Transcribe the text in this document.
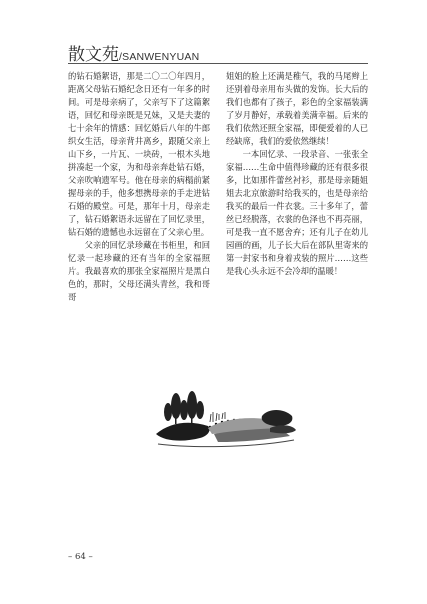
散文苑/SANWENYUAN

的钻石婚絮语，那是二〇二〇年四月，距离父母钻石婚纪念日还有一年多的时间。可是母亲病了，父亲写下了这篇絮语，回忆和母亲既是兄妹，又是夫妻的七十余年的情感：回忆婚后八年的牛郎织女生活，母亲背井离乡，跟随父亲上山下乡，一片瓦、一块砖，一根木头地拼凑起一个家，为和母亲奔赴钻石婚，父亲吹响遗军号。他在母亲的病榻前紧握母亲的手，他多想携母亲的手走进钻石婚的殿堂。可是，那年十月，母亲走了，钻石婚絮语永远留在了回忆录里，钻石婚的遗憾也永远留在了父亲心里。

父亲的回忆录珍藏在书柜里，和回忆录一起珍藏的还有当年的全家福照片。我最喜欢的那张全家福照片是黑白色的，那时，父母还满头青丝，我和哥哥

姐姐的脸上还满是稚气，我的马尾辫上还别着母亲用布头做的发饰。长大后的我们也都有了孩子，彩色的全家福装满了岁月静好，承载着美满幸福。后来的我们依然还照全家福，即便爱着的人已经缺席，我们的爱依然继续！

一本回忆录、一段录音、一张张全家福……生命中值得珍藏的还有很多很多，比如那件蕾丝衬衫，那是母亲随姐姐去北京旅游时给我买的，也是母亲给我买的最后一件衣裳。三十多年了，蕾丝已经脱落，衣裳的色泽也不再亮丽，可是我一直不愿舍弃；还有儿子在幼儿园画的画，儿子长大后在部队里寄来的第一封家书和身着戎装的照片……这些是我心头永远不会冷却的温暖！

– 64 –
